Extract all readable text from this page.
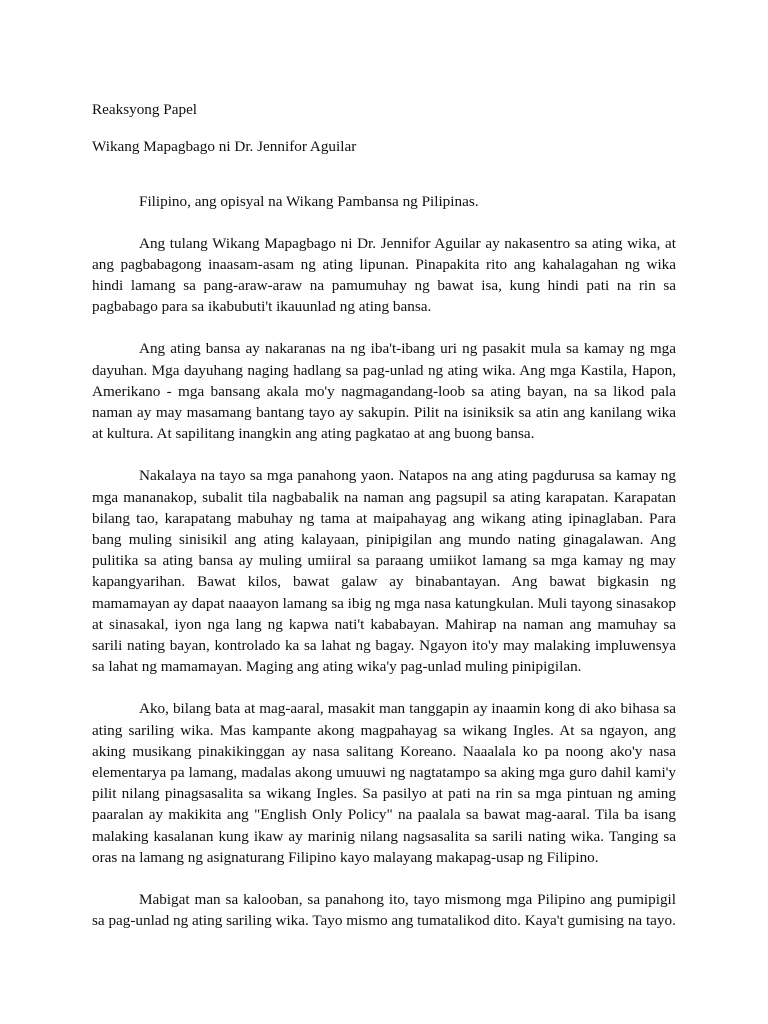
Reaksyong Papel
Wikang Mapagbago ni Dr. Jennifor Aguilar

Filipino, ang opisyal na Wikang Pambansa ng Pilipinas.

Ang tulang Wikang Mapagbago ni Dr. Jennifor Aguilar ay nakasentro sa ating wika, at ang pagbabagong inaasam-asam ng ating lipunan. Pinapakita rito ang kahalagahan ng wika hindi lamang sa pang-araw-araw na pamumuhay ng bawat isa, kung hindi pati na rin sa pagbabago para sa ikabubuti't ikauunlad ng ating bansa.

Ang ating bansa ay nakaranas na ng iba't-ibang uri ng pasakit mula sa kamay ng mga dayuhan. Mga dayuhang naging hadlang sa pag-unlad ng ating wika. Ang mga Kastila, Hapon, Amerikano - mga bansang akala mo'y nagmagandang-loob sa ating bayan, na sa likod pala naman ay may masamang bantang tayo ay sakupin. Pilit na isiniksik sa atin ang kanilang wika at kultura. At sapilitang inangkin ang ating pagkatao at ang buong bansa.

Nakalaya na tayo sa mga panahong yaon. Natapos na ang ating pagdurusa sa kamay ng mga mananakop, subalit tila nagbabalik na naman ang pagsupil sa ating karapatan. Karapatan bilang tao, karapatang mabuhay ng tama at maipahayag ang wikang ating ipinaglaban. Para bang muling sinisikil ang ating kalayaan, pinipigilan ang mundo nating ginagalawan. Ang pulitika sa ating bansa ay muling umiiral sa paraang umiikot lamang sa mga kamay ng may kapangyarihan. Bawat kilos, bawat galaw ay binabantayan. Ang bawat bigkasin ng mamamayan ay dapat naaayon lamang sa ibig ng mga nasa katungkulan. Muli tayong sinasakop at sinasakal, iyon nga lang ng kapwa nati't kababayan. Mahirap na naman ang mamuhay sa sarili nating bayan, kontrolado ka sa lahat ng bagay. Ngayon ito'y may malaking impluwensya sa lahat ng mamamayan. Maging ang ating wika'y pag-unlad muling pinipigilan.

Ako, bilang bata at mag-aaral, masakit man tanggapin ay inaamin kong di ako bihasa sa ating sariling wika. Mas kampante akong magpahayag sa wikang Ingles. At sa ngayon, ang aking musikang pinakikinggan ay nasa salitang Koreano. Naaalala ko pa noong ako'y nasa elementarya pa lamang, madalas akong umuuwi ng nagtatampo sa aking mga guro dahil kami'y pilit nilang pinagsasalita sa wikang Ingles. Sa pasilyo at pati na rin sa mga pintuan ng aming paaralan ay makikita ang "English Only Policy" na paalala sa bawat mag-aaral. Tila ba isang malaking kasalanan kung ikaw ay marinig nilang nagsasalita sa sarili nating wika. Tanging sa oras na lamang ng asignaturang Filipino kayo malayang makapag-usap ng Filipino.

Mabigat man sa kalooban, sa panahong ito, tayo mismong mga Pilipino ang pumipigil sa pag-unlad ng ating sariling wika. Tayo mismo ang tumatalikod dito. Kaya't gumising na tayo.
